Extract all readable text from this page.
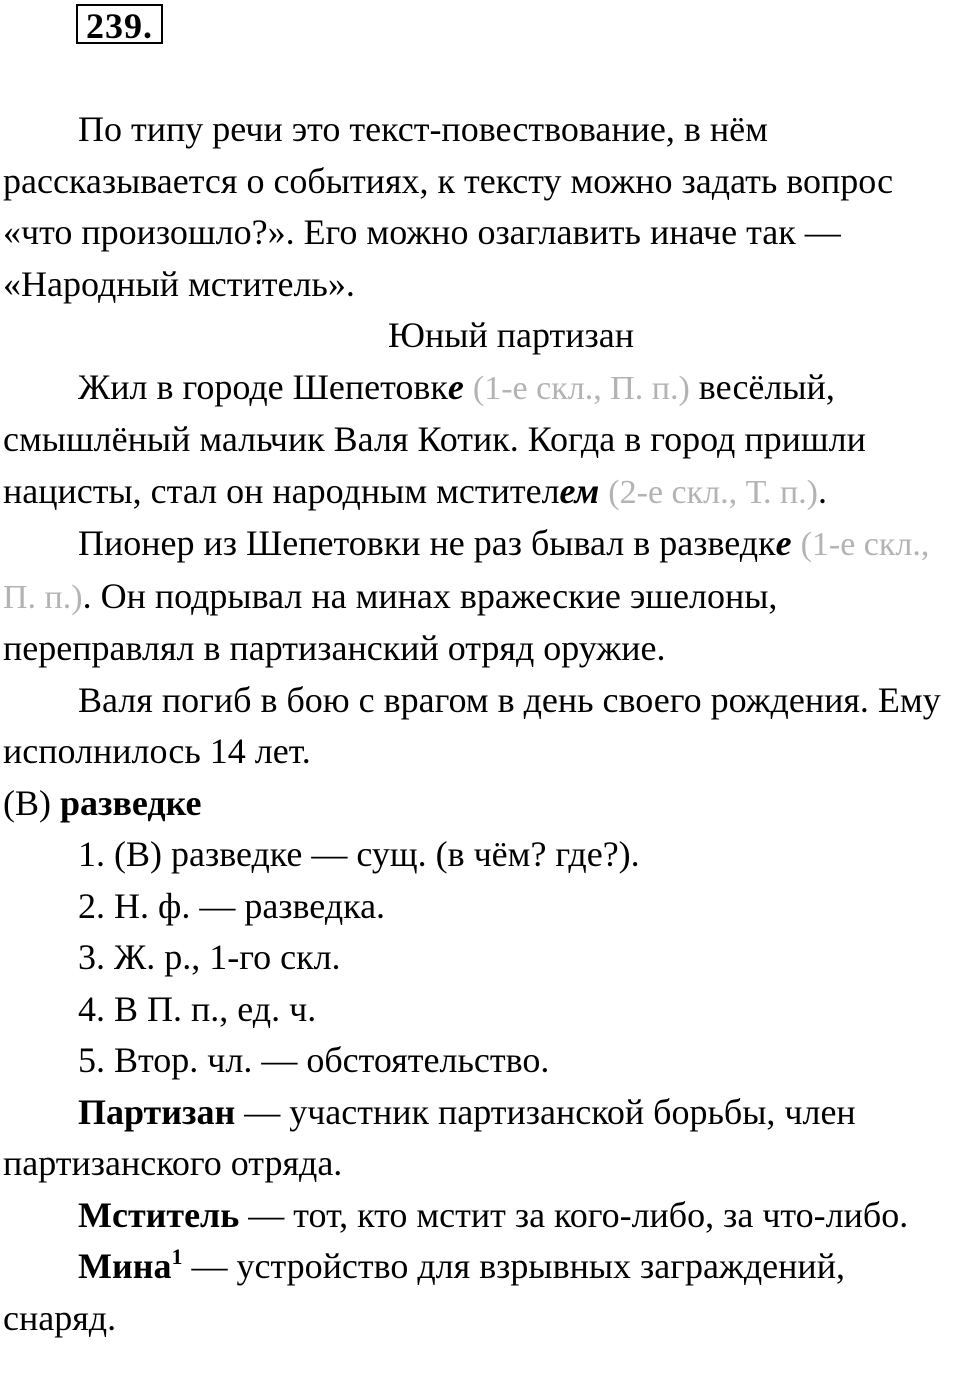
239.

По типу речи это текст-повествование, в нём рассказывается о событиях, к тексту можно задать вопрос «что произошло?». Его можно озаглавить иначе так — «Народный мститель».

Юный партизан

Жил в городе Шепетовке (1-е скл., П. п.) весёлый, смышлёный мальчик Валя Котик. Когда в город пришли нацисты, стал он народным мстителем (2-е скл., Т. п.).

Пионер из Шепетовки не раз бывал в разведке (1-е скл., П. п.). Он подрывал на минах вражеские эшелоны, переправлял в партизанский отряд оружие.

Валя погиб в бою с врагом в день своего рождения. Ему исполнилось 14 лет.

(В) разведке

1. (В) разведке — сущ. (в чём? где?).

2. Н. ф. — разведка.

3. Ж. р., 1-го скл.

4. В П. п., ед. ч.

5. Втор. чл. — обстоятельство.

Партизан — участник партизанской борьбы, член партизанского отряда.

Мститель — тот, кто мстит за кого-либо, за что-либо.

Мина$^1$ — устройство для взрывных заграждений, снаряд.
